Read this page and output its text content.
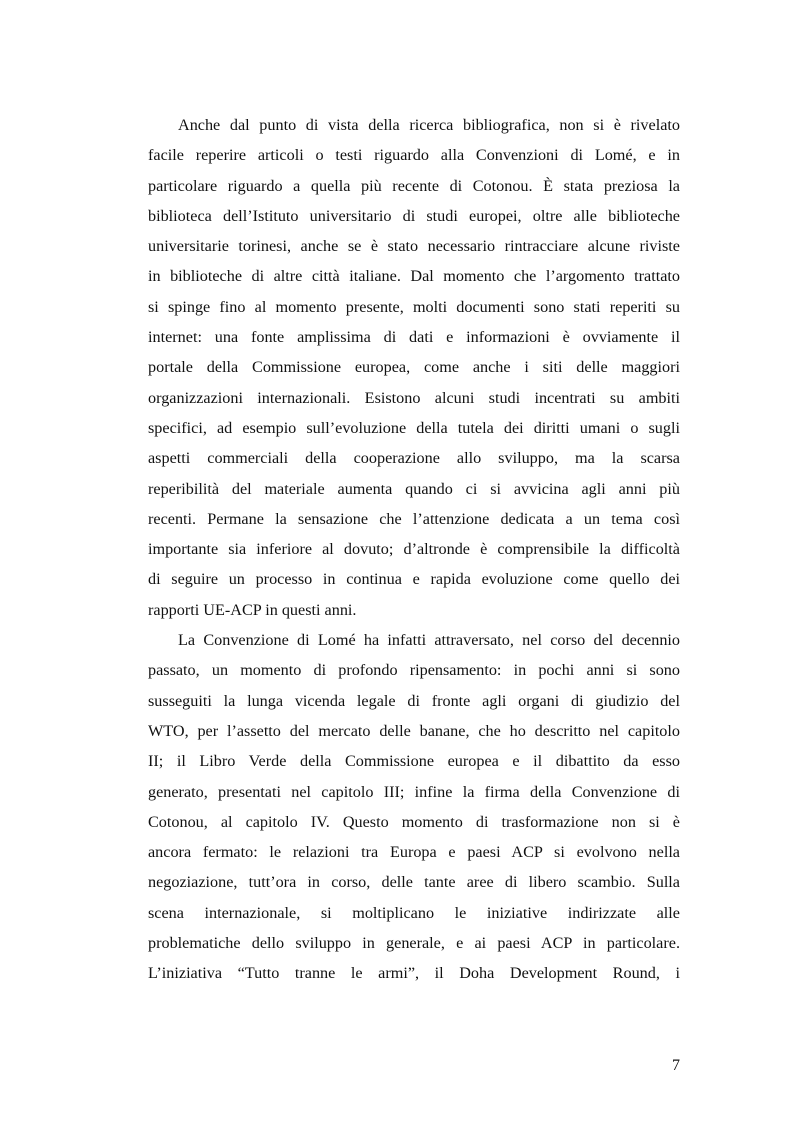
Anche dal punto di vista della ricerca bibliografica, non si è rivelato
facile reperire articoli o testi riguardo alla Convenzioni di Lomé, e in
particolare riguardo a quella più recente di Cotonou. È stata preziosa la
biblioteca dell’Istituto universitario di studi europei, oltre alle biblioteche
universitarie torinesi, anche se è stato necessario rintracciare alcune riviste
in biblioteche di altre città italiane. Dal momento che l’argomento trattato
si spinge fino al momento presente, molti documenti sono stati reperiti su
internet: una fonte amplissima di dati e informazioni è ovviamente il
portale della Commissione europea, come anche i siti delle maggiori
organizzazioni internazionali. Esistono alcuni studi incentrati su ambiti
specifici, ad esempio sull’evoluzione della tutela dei diritti umani o sugli
aspetti commerciali della cooperazione allo sviluppo, ma la scarsa
reperibilità del materiale aumenta quando ci si avvicina agli anni più
recenti. Permane la sensazione che l’attenzione dedicata a un tema così
importante sia inferiore al dovuto; d’altronde è comprensibile la difficoltà
di seguire un processo in continua e rapida evoluzione come quello dei
rapporti UE-ACP in questi anni.

La Convenzione di Lomé ha infatti attraversato, nel corso del decennio
passato, un momento di profondo ripensamento: in pochi anni si sono
susseguiti la lunga vicenda legale di fronte agli organi di giudizio del
WTO, per l’assetto del mercato delle banane, che ho descritto nel capitolo
II; il Libro Verde della Commissione europea e il dibattito da esso
generato, presentati nel capitolo III; infine la firma della Convenzione di
Cotonou, al capitolo IV. Questo momento di trasformazione non si è
ancora fermato: le relazioni tra Europa e paesi ACP si evolvono nella
negoziazione, tutt’ora in corso, delle tante aree di libero scambio. Sulla
scena internazionale, si moltiplicano le iniziative indirizzate alle
problematiche dello sviluppo in generale, e ai paesi ACP in particolare.
L’iniziativa “Tutto tranne le armi”, il Doha Development Round, i

7
